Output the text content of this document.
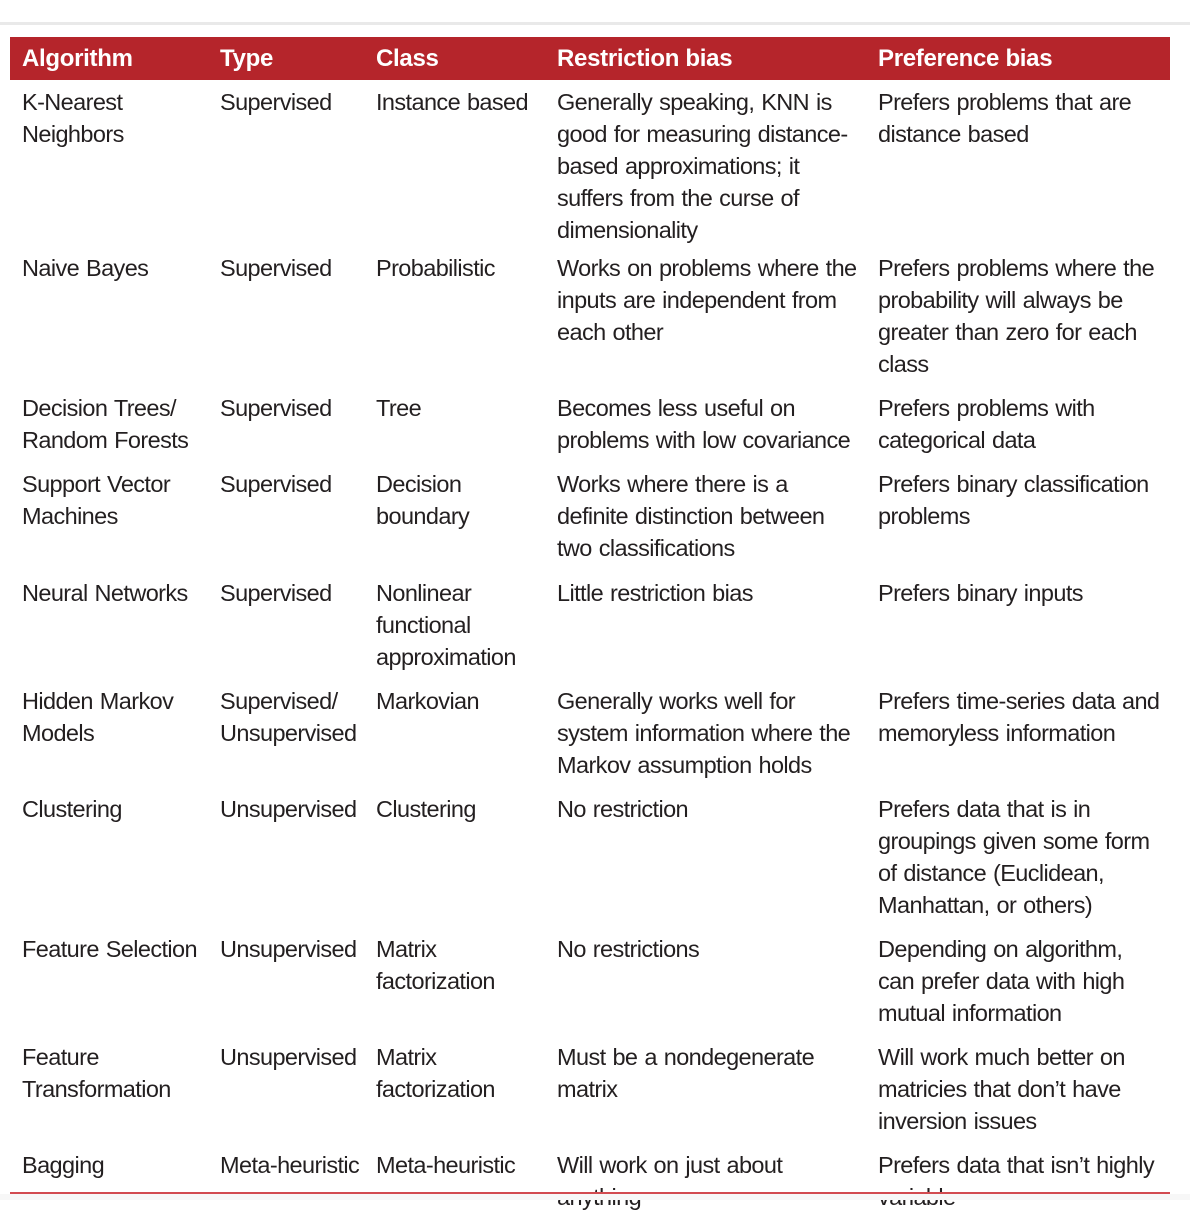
Algorithm	Type	Class	Restriction bias	Preference bias
K-Nearest Neighbors	Supervised	Instance based	Generally speaking, KNN is good for measuring distance-based approximations; it suffers from the curse of dimensionality	Prefers problems that are distance based
Naive Bayes	Supervised	Probabilistic	Works on problems where the inputs are independent from each other	Prefers problems where the probability will always be greater than zero for each class
Decision Trees/ Random Forests	Supervised	Tree	Becomes less useful on problems with low covariance	Prefers problems with categorical data
Support Vector Machines	Supervised	Decision boundary	Works where there is a definite distinction between two classifications	Prefers binary classification problems
Neural Networks	Supervised	Nonlinear functional approximation	Little restriction bias	Prefers binary inputs
Hidden Markov Models	Supervised/ Unsupervised	Markovian	Generally works well for system information where the Markov assumption holds	Prefers time-series data and memoryless information
Clustering	Unsupervised	Clustering	No restriction	Prefers data that is in groupings given some form of distance (Euclidean, Manhattan, or others)
Feature Selection	Unsupervised	Matrix factorization	No restrictions	Depending on algorithm, can prefer data with high mutual information
Feature Transformation	Unsupervised	Matrix factorization	Must be a nondegenerate matrix	Will work much better on matricies that don’t have inversion issues
Bagging	Meta-heuristic	Meta-heuristic	Will work on just about	Prefers data that isn’t highly
